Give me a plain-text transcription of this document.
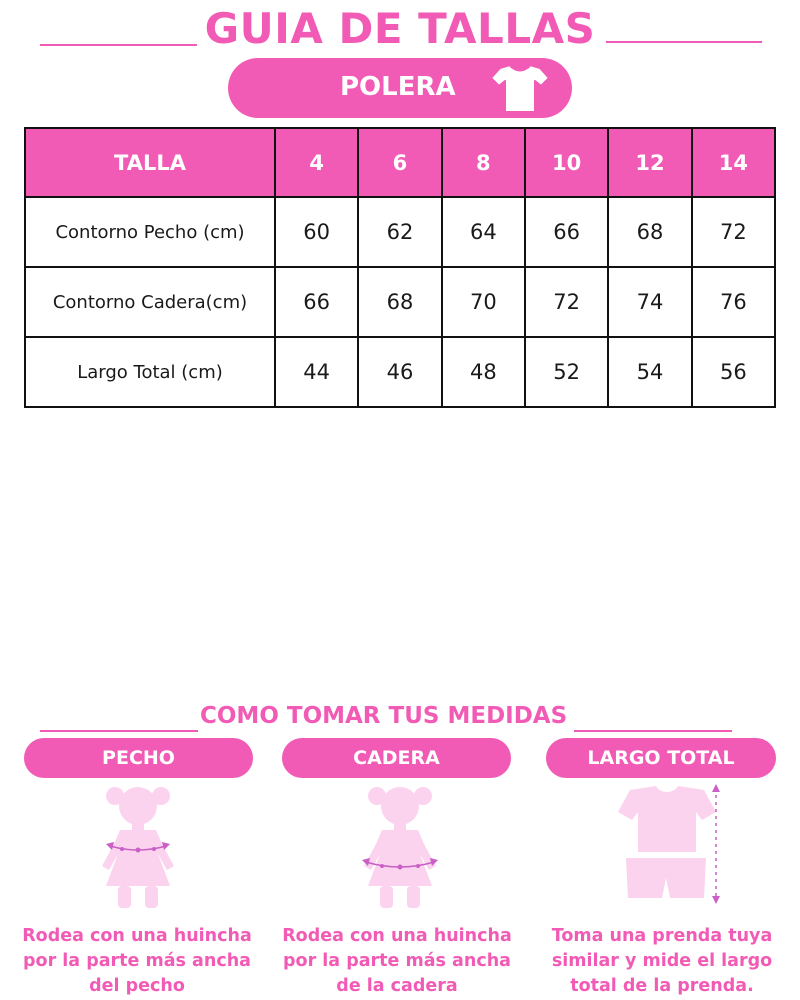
GUIA DE TALLAS
POLERA
TALLA	4	6	8	10	12	14
Contorno Pecho (cm)	60	62	64	66	68	72
Contorno Cadera(cm)	66	68	70	72	74	76
Largo Total (cm)	44	46	48	52	54	56
COMO TOMAR TUS MEDIDAS
PECHO	CADERA	LARGO TOTAL
Rodea con una huincha
por la parte más ancha
del pecho
Rodea con una huincha
por la parte más ancha
de la cadera
Toma una prenda tuya
similar y mide el largo
total de la prenda.
